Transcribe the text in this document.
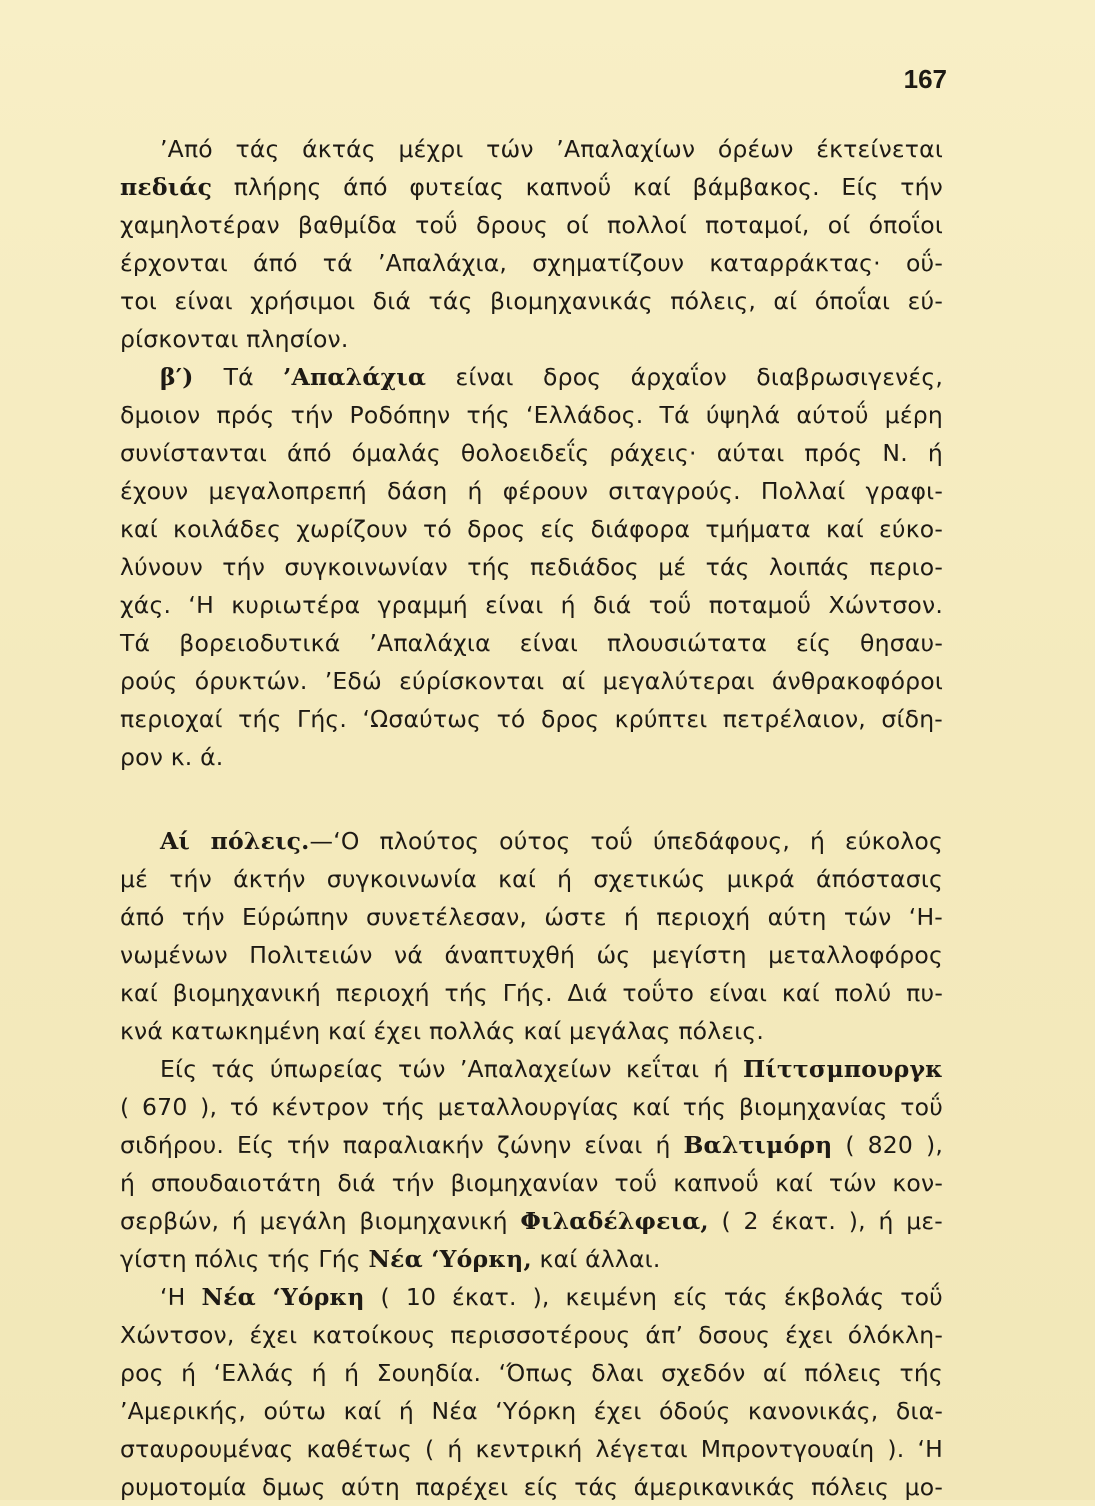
167
’Από τάς άκτάς μέχρι τών ’Απαλαχίων όρέων έκτείνεται
πεδιάς πλήρης άπό φυτείας καπνοΰ καί βάμβακος. Είς τήν
χαμηλοτέραν βαθμίδα τοΰ δρους οί πολλοί ποταμοί, οί όποΐοι
έρχονται άπό τά ’Απαλάχια, σχηματίζουν καταρράκτας· οΰ-
τοι είναι χρήσιμοι διά τάς βιομηχανικάς πόλεις, αί όποΐαι εύ-
ρίσκονται πλησίον.
β′) Τά ’Απαλάχια είναι δρος άρχαΐον διαβρωσιγενές,
δμοιον πρός τήν Ροδόπην τής ‘Ελλάδος. Τά ύψηλά αύτοΰ μέρη
συνίστανται άπό όμαλάς θολοειδεΐς ράχεις· αύται πρός Ν. ή
έχουν μεγαλοπρεπή δάση ή φέρουν σιταγρούς. Πολλαί γραφι-
καί κοιλάδες χωρίζουν τό δρος είς διάφορα τμήματα καί εύκο-
λύνουν τήν συγκοινωνίαν τής πεδιάδος μέ τάς λοιπάς περιο-
χάς. ‘Η κυριωτέρα γραμμή είναι ή διά τοΰ ποταμοΰ Χώντσον.
Τά βορειοδυτικά ’Απαλάχια είναι πλουσιώτατα είς θησαυ-
ρούς όρυκτών. ’Εδώ εύρίσκονται αί μεγαλύτεραι άνθρακοφόροι
περιοχαί τής Γής. ‘Ωσαύτως τό δρος κρύπτει πετρέλαιον, σίδη-
ρον κ. ά.
Αί πόλεις.—‘Ο πλούτος ούτος τοΰ ύπεδάφους, ή εύκολος
μέ τήν άκτήν συγκοινωνία καί ή σχετικώς μικρά άπόστασις
άπό τήν Εύρώπην συνετέλεσαν, ώστε ή περιοχή αύτη τών ‘Η-
νωμένων Πολιτειών νά άναπτυχθή ώς μεγίστη μεταλλοφόρος
καί βιομηχανική περιοχή τής Γής. Διά τοΰτο είναι καί πολύ πυ-
κνά κατωκημένη καί έχει πολλάς καί μεγάλας πόλεις.
Είς τάς ύπωρείας τών ’Απαλαχείων κεΐται ή Πίττσμπουργκ
( 670 ), τό κέντρον τής μεταλλουργίας καί τής βιομηχανίας τοΰ
σιδήρου. Είς τήν παραλιακήν ζώνην είναι ή Βαλτιμόρη ( 820 ),
ή σπουδαιοτάτη διά τήν βιομηχανίαν τοΰ καπνοΰ καί τών κον-
σερβών, ή μεγάλη βιομηχανική Φιλαδέλφεια, ( 2 έκατ. ), ή με-
γίστη πόλις τής Γής Νέα ‘Υόρκη, καί άλλαι.
‘Η Νέα ‘Υόρκη ( 10 έκατ. ), κειμένη είς τάς έκβολάς τοΰ
Χώντσον, έχει κατοίκους περισσοτέρους άπ’ δσους έχει όλόκλη-
ρος ή ‘Ελλάς ή ή Σουηδία. ‘Όπως δλαι σχεδόν αί πόλεις τής
’Αμερικής, ούτω καί ή Νέα ‘Υόρκη έχει όδούς κανονικάς, δια-
σταυρουμένας καθέτως ( ή κεντρική λέγεται Μπροντγουαίη ). ‘Η
ρυμοτομία δμως αύτη παρέχει είς τάς άμερικανικάς πόλεις μο-
